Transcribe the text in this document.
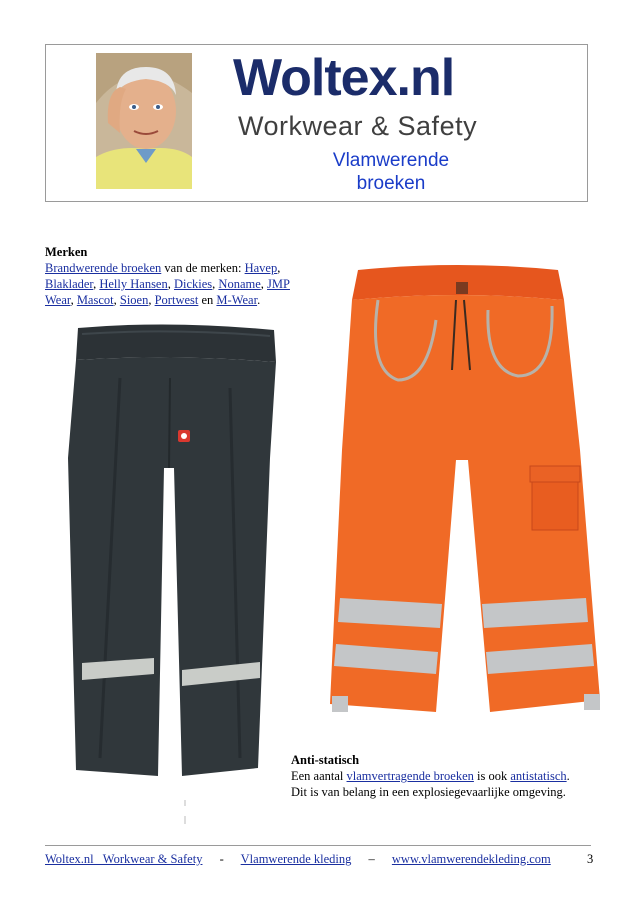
Woltex.nl
Workwear & Safety
Vlamwerende
broeken
Merken
Brandwerende broeken van de merken: Havep, Blaklader, Helly Hansen, Dickies, Noname, JMP Wear, Mascot, Sioen, Portwest en M-Wear.
Anti-statisch
Een aantal vlamvertragende broeken is ook antistatisch.
Dit is van belang in een explosiegevaarlijke omgeving.
Woltex.nl   Workwear & Safety - Vlamwerende kleding – www.vlamwerendekleding.com	3
